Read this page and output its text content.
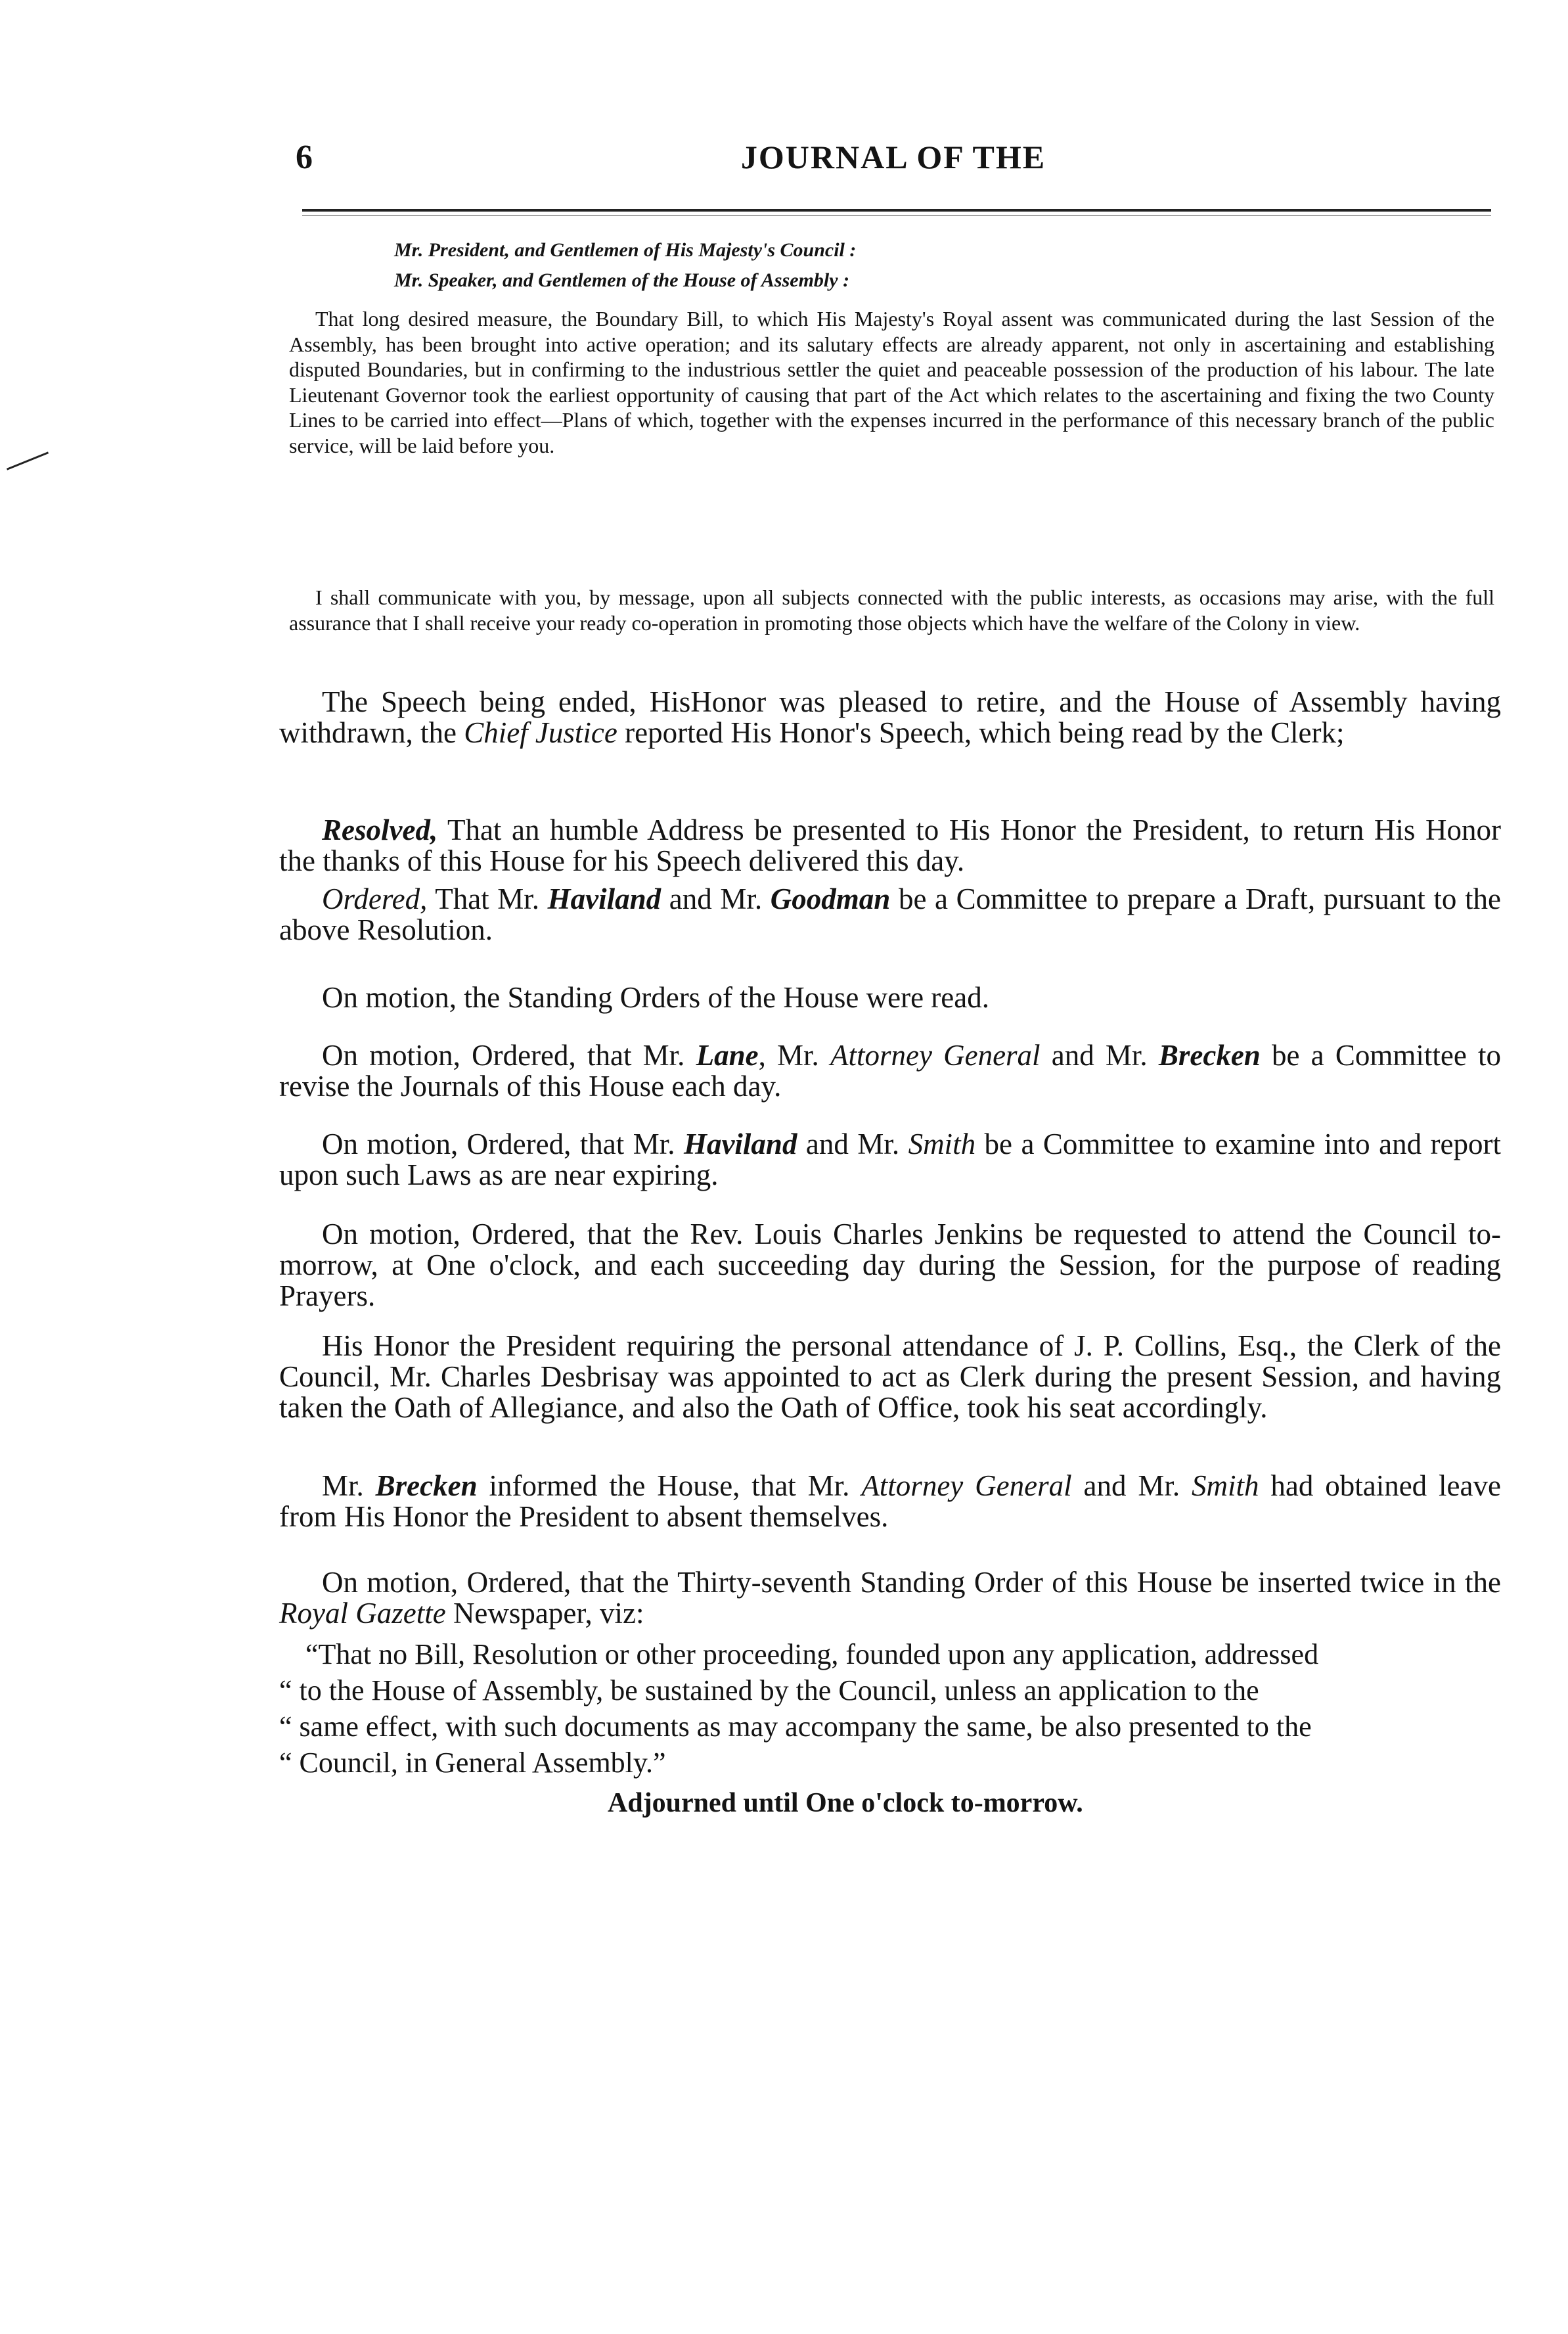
6	JOURNAL OF THE
Mr. President, and Gentlemen of His Majesty's Council :
Mr. Speaker, and Gentlemen of the House of Assembly :
That long desired measure, the Boundary Bill, to which His Majesty's Royal assent was communicated during the last Session of the Assembly, has been brought into active operation; and its salutary effects are already apparent, not only in ascertaining and establishing disputed Boundaries, but in confirming to the industrious settler the quiet and peaceable possession of the production of his labour. The late Lieutenant Governor took the earliest opportunity of causing that part of the Act which relates to the ascertaining and fixing the two County Lines to be carried into effect—Plans of which, together with the expenses incurred in the performance of this necessary branch of the public service, will be laid before you.
I shall communicate with you, by message, upon all subjects connected with the public interests, as occasions may arise, with the full assurance that I shall receive your ready co-operation in promoting those objects which have the welfare of the Colony in view.
The Speech being ended, HisHonor was pleased to retire, and the House of Assembly having withdrawn, the Chief Justice reported His Honor's Speech, which being read by the Clerk;
Resolved, That an humble Address be presented to His Honor the President, to return His Honor the thanks of this House for his Speech delivered this day.
Ordered, That Mr. Haviland and Mr. Goodman be a Committee to prepare a Draft, pursuant to the above Resolution.
On motion, the Standing Orders of the House were read.
On motion, Ordered, that Mr. Lane, Mr. Attorney General and Mr. Brecken be a Committee to revise the Journals of this House each day.
On motion, Ordered, that Mr. Haviland and Mr. Smith be a Committee to examine into and report upon such Laws as are near expiring.
On motion, Ordered, that the Rev. Louis Charles Jenkins be requested to attend the Council to-morrow, at One o'clock, and each succeeding day during the Session, for the purpose of reading Prayers.
His Honor the President requiring the personal attendance of J. P. Collins, Esq., the Clerk of the Council, Mr. Charles Desbrisay was appointed to act as Clerk during the present Session, and having taken the Oath of Allegiance, and also the Oath of Office, took his seat accordingly.
Mr. Brecken informed the House, that Mr. Attorney General and Mr. Smith had obtained leave from His Honor the President to absent themselves.
On motion, Ordered, that the Thirty-seventh Standing Order of this House be inserted twice in the Royal Gazette Newspaper, viz:
“That no Bill, Resolution or other proceeding, founded upon any application, addressed
“ to the House of Assembly, be sustained by the Council, unless an application to the
“ same effect, with such documents as may accompany the same, be also presented to the
“ Council, in General Assembly.”
Adjourned until One o'clock to-morrow.
